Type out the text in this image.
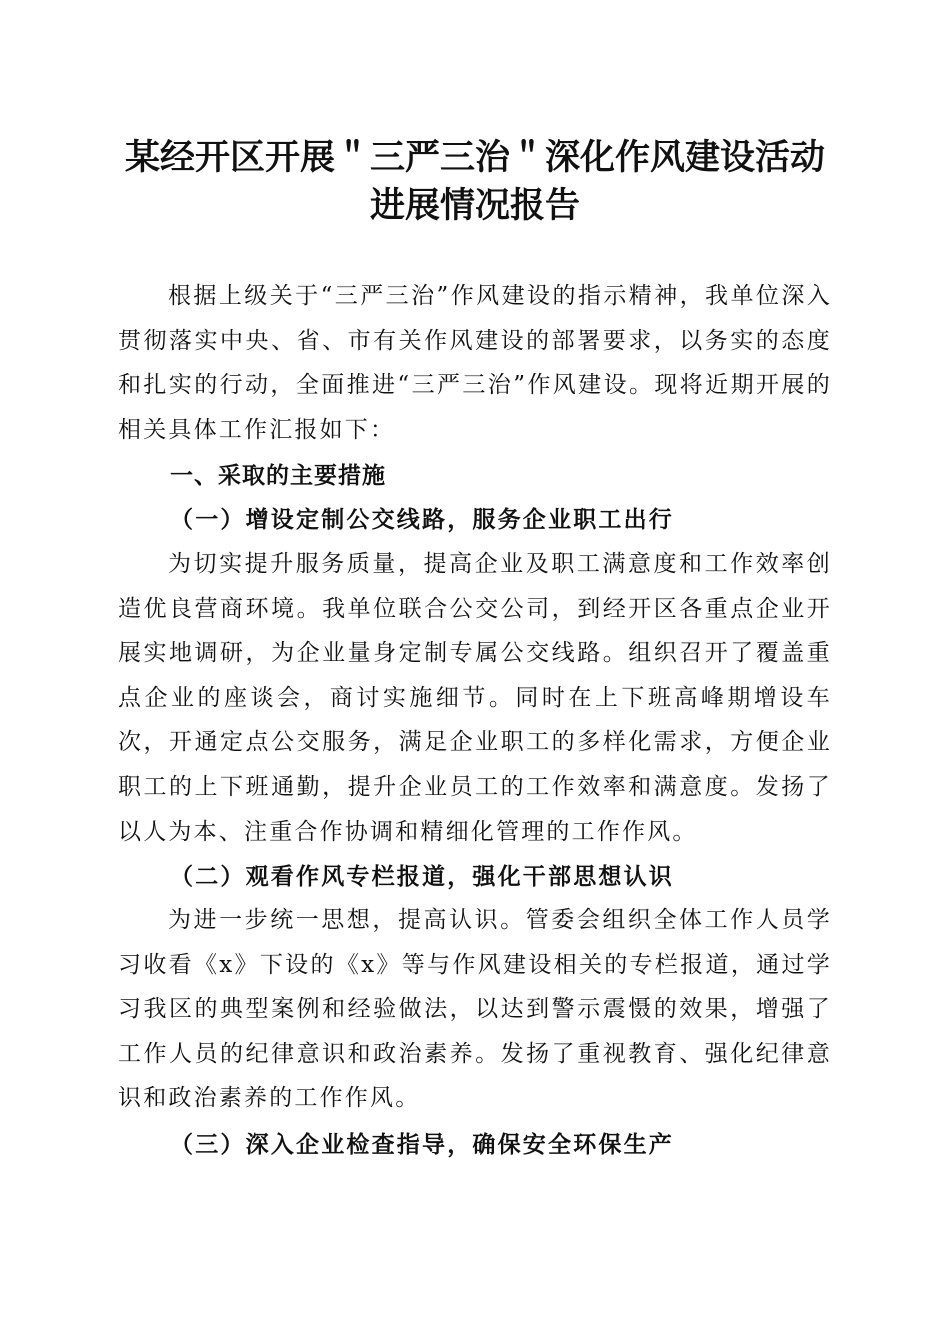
某经开区开展＂三严三治＂深化作风建设活动
进展情况报告

根据上级关于“三严三治”作风建设的指示精神，我单位深入贯彻落实中央、省、市有关作风建设的部署要求，以务实的态度和扎实的行动，全面推进“三严三治”作风建设。现将近期开展的相关具体工作汇报如下：

一、采取的主要措施
（一）增设定制公交线路，服务企业职工出行

为切实提升服务质量，提高企业及职工满意度和工作效率创造优良营商环境。我单位联合公交公司，到经开区各重点企业开展实地调研，为企业量身定制专属公交线路。组织召开了覆盖重点企业的座谈会，商讨实施细节。同时在上下班高峰期增设车次，开通定点公交服务，满足企业职工的多样化需求，方便企业职工的上下班通勤，提升企业员工的工作效率和满意度。发扬了以人为本、注重合作协调和精细化管理的工作作风。

（二）观看作风专栏报道，强化干部思想认识

为进一步统一思想，提高认识。管委会组织全体工作人员学习收看《x》下设的《x》等与作风建设相关的专栏报道，通过学习我区的典型案例和经验做法，以达到警示震慑的效果，增强了工作人员的纪律意识和政治素养。发扬了重视教育、强化纪律意识和政治素养的工作作风。

（三）深入企业检查指导，确保安全环保生产
